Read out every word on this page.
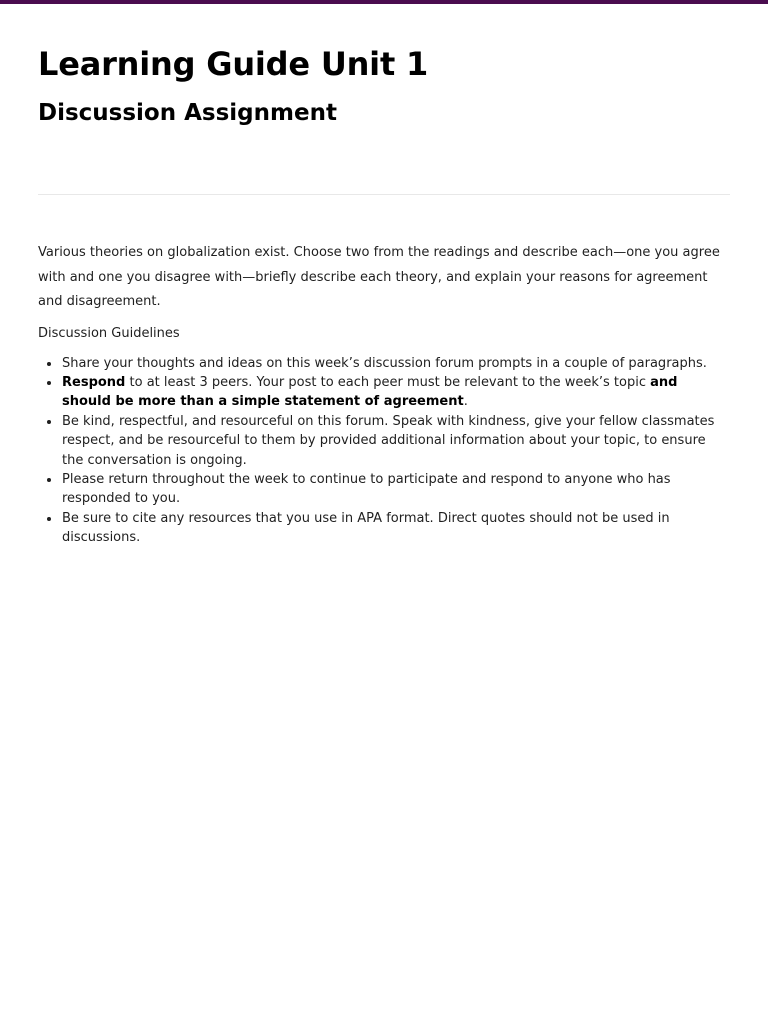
Learning Guide Unit 1
Discussion Assignment

Various theories on globalization exist. Choose two from the readings and describe each—one you agree with and one you disagree with—briefly describe each theory, and explain your reasons for agreement and disagreement.

Discussion Guidelines

• Share your thoughts and ideas on this week’s discussion forum prompts in a couple of paragraphs.
• Respond to at least 3 peers. Your post to each peer must be relevant to the week’s topic and should be more than a simple statement of agreement.
• Be kind, respectful, and resourceful on this forum. Speak with kindness, give your fellow classmates respect, and be resourceful to them by provided additional information about your topic, to ensure the conversation is ongoing.
• Please return throughout the week to continue to participate and respond to anyone who has responded to you.
• Be sure to cite any resources that you use in APA format. Direct quotes should not be used in discussions.
